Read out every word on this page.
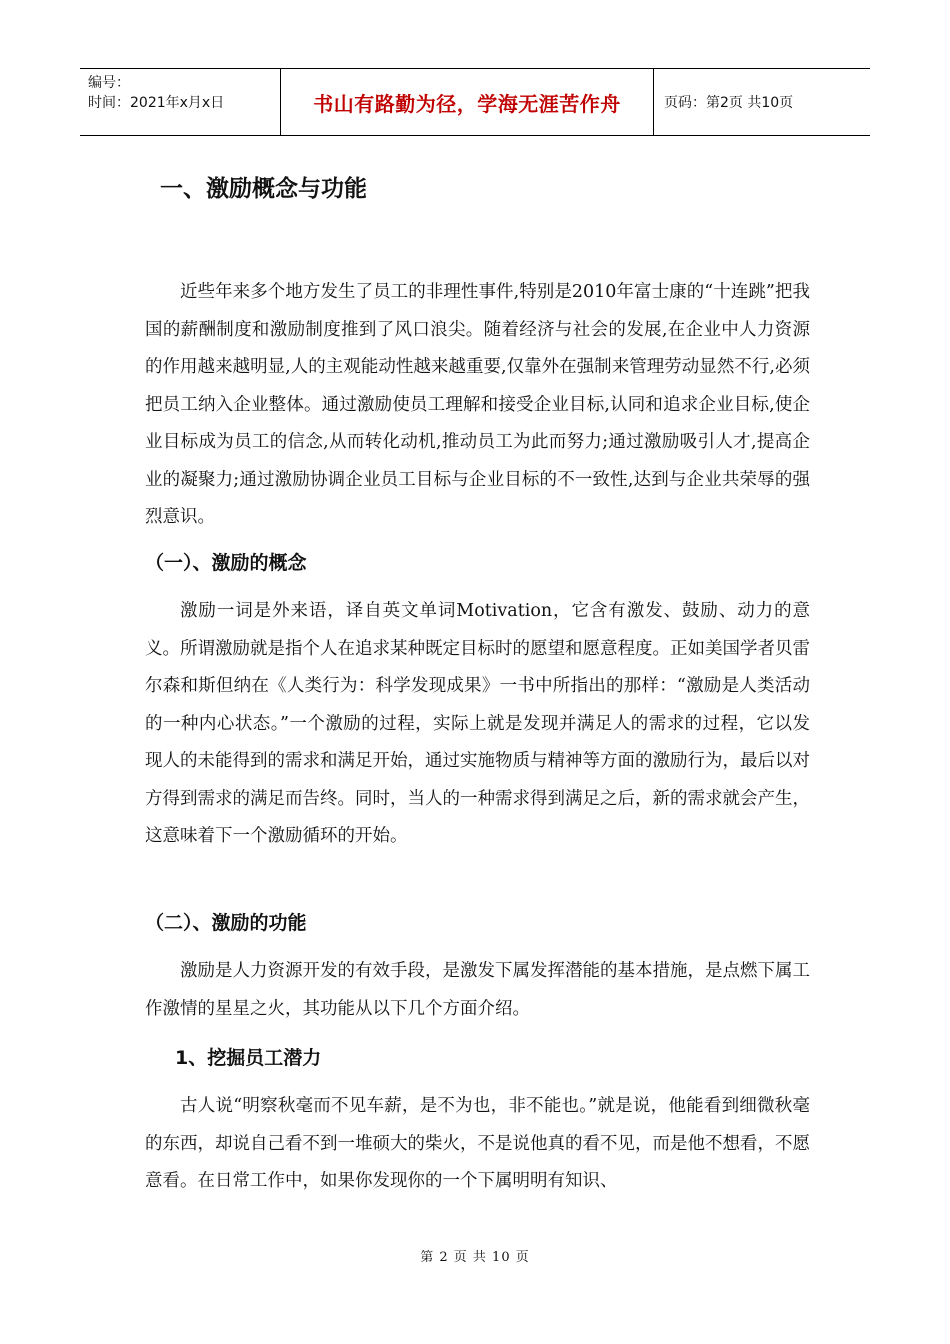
编号：
时间：2021年x月x日	书山有路勤为径，学海无涯苦作舟	页码：第2页 共10页
一、激励概念与功能

近些年来多个地方发生了员工的非理性事件,特别是2010年富士康的“十连跳”把我国的薪酬制度和激励制度推到了风口浪尖。随着经济与社会的发展,在企业中人力资源的作用越来越明显,人的主观能动性越来越重要,仅靠外在强制来管理劳动显然不行,必须把员工纳入企业整体。通过激励使员工理解和接受企业目标,认同和追求企业目标,使企业目标成为员工的信念,从而转化动机,推动员工为此而努力;通过激励吸引人才,提高企业的凝聚力;通过激励协调企业员工目标与企业目标的不一致性,达到与企业共荣辱的强烈意识。

（一）、激励的概念

激励一词是外来语，译自英文单词Motivation，它含有激发、鼓励、动力的意义。所谓激励就是指个人在追求某种既定目标时的愿望和愿意程度。正如美国学者贝雷尔森和斯但纳在《人类行为：科学发现成果》一书中所指出的那样：“激励是人类活动的一种内心状态。”一个激励的过程，实际上就是发现并满足人的需求的过程，它以发现人的未能得到的需求和满足开始，通过实施物质与精神等方面的激励行为，最后以对方得到需求的满足而告终。同时，当人的一种需求得到满足之后，新的需求就会产生，这意味着下一个激励循环的开始。

（二）、激励的功能

激励是人力资源开发的有效手段，是激发下属发挥潜能的基本措施，是点燃下属工作激情的星星之火，其功能从以下几个方面介绍。

1、挖掘员工潜力

古人说“明察秋毫而不见车薪，是不为也，非不能也。”就是说，他能看到细微秋毫的东西，却说自己看不到一堆硕大的柴火，不是说他真的看不见，而是他不想看，不愿意看。在日常工作中，如果你发现你的一个下属明明有知识、

第 2 页 共 10 页
